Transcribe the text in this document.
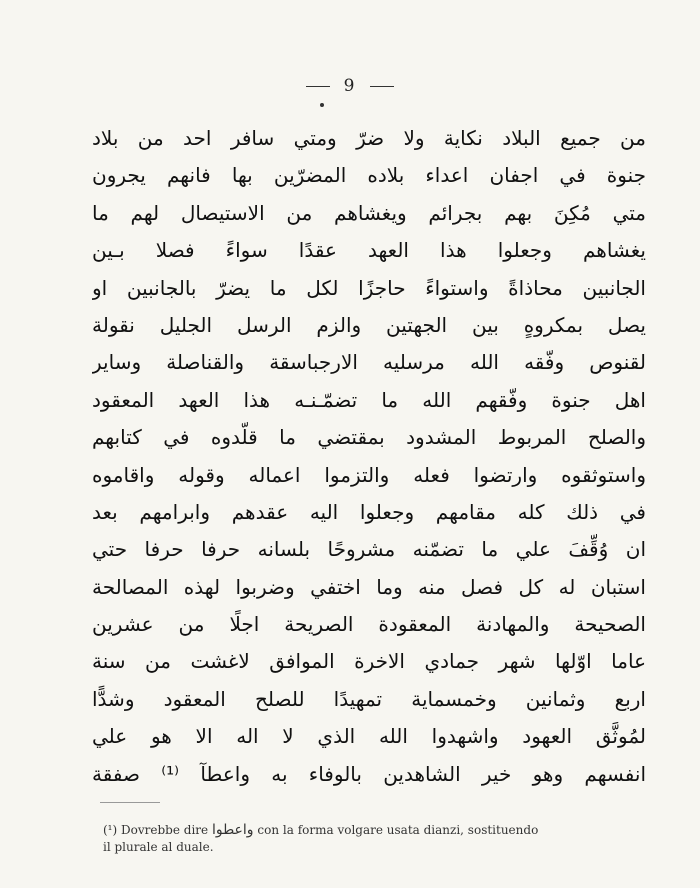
9
من جميع البلاد نكاية ولا ضرّ ومتي سافر احد من بلاد
جنوة في اجفان اعداء بلاده المضرّين بها فانهم يجرون
متي مُكِنَ بهم بجرائم ويغشاهم من الاستيصال لهم ما
يغشاهم وجعلوا هذا العهد عقدًا سواءً فصلا بـين
الجانبين محاذاةً واستواءً حاجزًا لكل ما يضرّ بالجانبين او
يصل بمكروهٍ بين الجهتين والزم الرسل الجليل نقولة
لقنوص وفّقه الله مرسليه الارجباسقة والقناصلة وساير
اهل جنوة وفّقهم الله ما تضمّـنـه هذا العهد المعقود
والصلح المربوط المشدود بمقتضي ما قلّدوه في كتابهم
واستوثقوه وارتضوا فعله والتزموا اعماله وقوله واقاموه
في ذلك كله مقامهم وجعلوا اليه عقدهم وابرامهم بعد
ان وُقِّفَ علي ما تضمّنه مشروحًا بلسانه حرفا حرفا حتي
استبان له كل فصل منه وما اختفي وضربوا لهذه المصالحة
الصحيحة والمهادنة المعقودة الصريحة اجلًا من عشرين
عاما اوّلها شهر جمادي الاخرة الموافق لاغشت من سنة
اربع وثمانين وخمسماية تمهيدًا للصلح المعقود وشدًّا
لمُوثَّق العهود واشهدوا الله الذي لا اله الا هو علي
انفسهم وهو خير الشاهدين بالوفاء به واعطآ ⁽¹⁾ صفقة
(¹) Dovrebbe dire واعطوا con la forma volgare usata dianzi, sostituendo
il plurale al duale.
